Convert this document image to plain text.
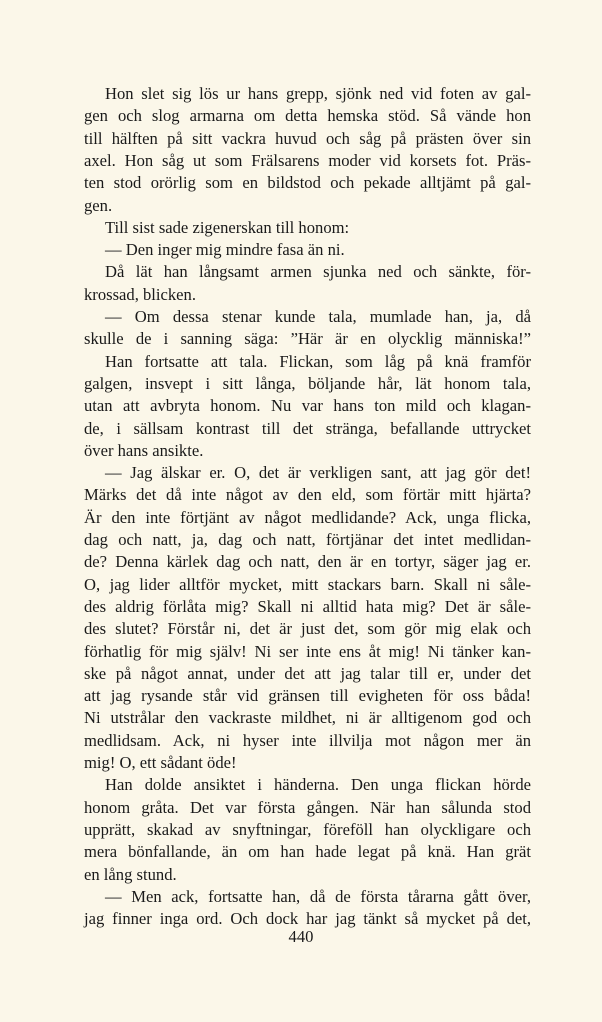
Hon slet sig lös ur hans grepp, sjönk ned vid foten av gal-
gen och slog armarna om detta hemska stöd. Så vände hon
till hälften på sitt vackra huvud och såg på prästen över sin
axel. Hon såg ut som Frälsarens moder vid korsets fot. Präs-
ten stod orörlig som en bildstod och pekade alltjämt på gal-
gen.
Till sist sade zigenerskan till honom:
— Den inger mig mindre fasa än ni.
Då lät han långsamt armen sjunka ned och sänkte, för-
krossad, blicken.
— Om dessa stenar kunde tala, mumlade han, ja, då
skulle de i sanning säga: ”Här är en olycklig människa!”
Han fortsatte att tala. Flickan, som låg på knä framför
galgen, insvept i sitt långa, böljande hår, lät honom tala,
utan att avbryta honom. Nu var hans ton mild och klagan-
de, i sällsam kontrast till det stränga, befallande uttrycket
över hans ansikte.
— Jag älskar er. O, det är verkligen sant, att jag gör det!
Märks det då inte något av den eld, som förtär mitt hjärta?
Är den inte förtjänt av något medlidande? Ack, unga flicka,
dag och natt, ja, dag och natt, förtjänar det intet medlidan-
de? Denna kärlek dag och natt, den är en tortyr, säger jag er.
O, jag lider alltför mycket, mitt stackars barn. Skall ni såle-
des aldrig förlåta mig? Skall ni alltid hata mig? Det är såle-
des slutet? Förstår ni, det är just det, som gör mig elak och
förhatlig för mig själv! Ni ser inte ens åt mig! Ni tänker kan-
ske på något annat, under det att jag talar till er, under det
att jag rysande står vid gränsen till evigheten för oss båda!
Ni utstrålar den vackraste mildhet, ni är alltigenom god och
medlidsam. Ack, ni hyser inte illvilja mot någon mer än
mig! O, ett sådant öde!
Han dolde ansiktet i händerna. Den unga flickan hörde
honom gråta. Det var första gången. När han sålunda stod
upprätt, skakad av snyftningar, föreföll han olyckligare och
mera bönfallande, än om han hade legat på knä. Han grät
en lång stund.
— Men ack, fortsatte han, då de första tårarna gått över,
jag finner inga ord. Och dock har jag tänkt så mycket på det,
440
